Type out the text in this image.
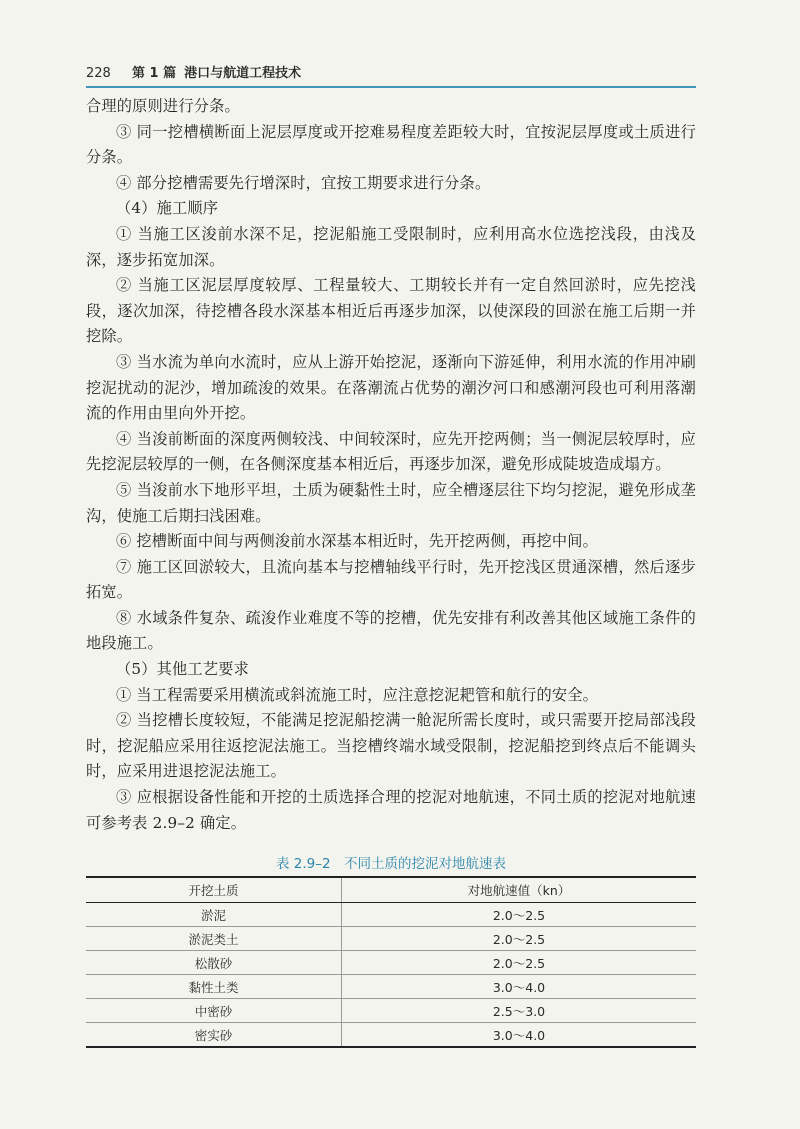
228 第 1 篇 港口与航道工程技术

合理的原则进行分条。

③ 同一挖槽横断面上泥层厚度或开挖难易程度差距较大时，宜按泥层厚度或土质进行分条。

④ 部分挖槽需要先行增深时，宜按工期要求进行分条。

（4）施工顺序

① 当施工区浚前水深不足，挖泥船施工受限制时，应利用高水位选挖浅段，由浅及深，逐步拓宽加深。

② 当施工区泥层厚度较厚、工程量较大、工期较长并有一定自然回淤时，应先挖浅段，逐次加深，待挖槽各段水深基本相近后再逐步加深，以使深段的回淤在施工后期一并挖除。

③ 当水流为单向水流时，应从上游开始挖泥，逐渐向下游延伸，利用水流的作用冲刷挖泥扰动的泥沙，增加疏浚的效果。在落潮流占优势的潮汐河口和感潮河段也可利用落潮流的作用由里向外开挖。

④ 当浚前断面的深度两侧较浅、中间较深时，应先开挖两侧；当一侧泥层较厚时，应先挖泥层较厚的一侧，在各侧深度基本相近后，再逐步加深，避免形成陡坡造成塌方。

⑤ 当浚前水下地形平坦，土质为硬黏性土时，应全槽逐层往下均匀挖泥，避免形成垄沟，使施工后期扫浅困难。

⑥ 挖槽断面中间与两侧浚前水深基本相近时，先开挖两侧，再挖中间。

⑦ 施工区回淤较大，且流向基本与挖槽轴线平行时，先开挖浅区贯通深槽，然后逐步拓宽。

⑧ 水域条件复杂、疏浚作业难度不等的挖槽，优先安排有利改善其他区域施工条件的地段施工。

（5）其他工艺要求

① 当工程需要采用横流或斜流施工时，应注意挖泥耙管和航行的安全。

② 当挖槽长度较短，不能满足挖泥船挖满一舱泥所需长度时，或只需要开挖局部浅段时，挖泥船应采用往返挖泥法施工。当挖槽终端水域受限制，挖泥船挖到终点后不能调头时，应采用进退挖泥法施工。

③ 应根据设备性能和开挖的土质选择合理的挖泥对地航速，不同土质的挖泥对地航速可参考表 2.9–2 确定。

表 2.9–2　不同土质的挖泥对地航速表
开挖土质	对地航速值（kn）
淤泥	2.0～2.5
淤泥类土	2.0～2.5
松散砂	2.0～2.5
黏性土类	3.0～4.0
中密砂	2.5～3.0
密实砂	3.0～4.0
